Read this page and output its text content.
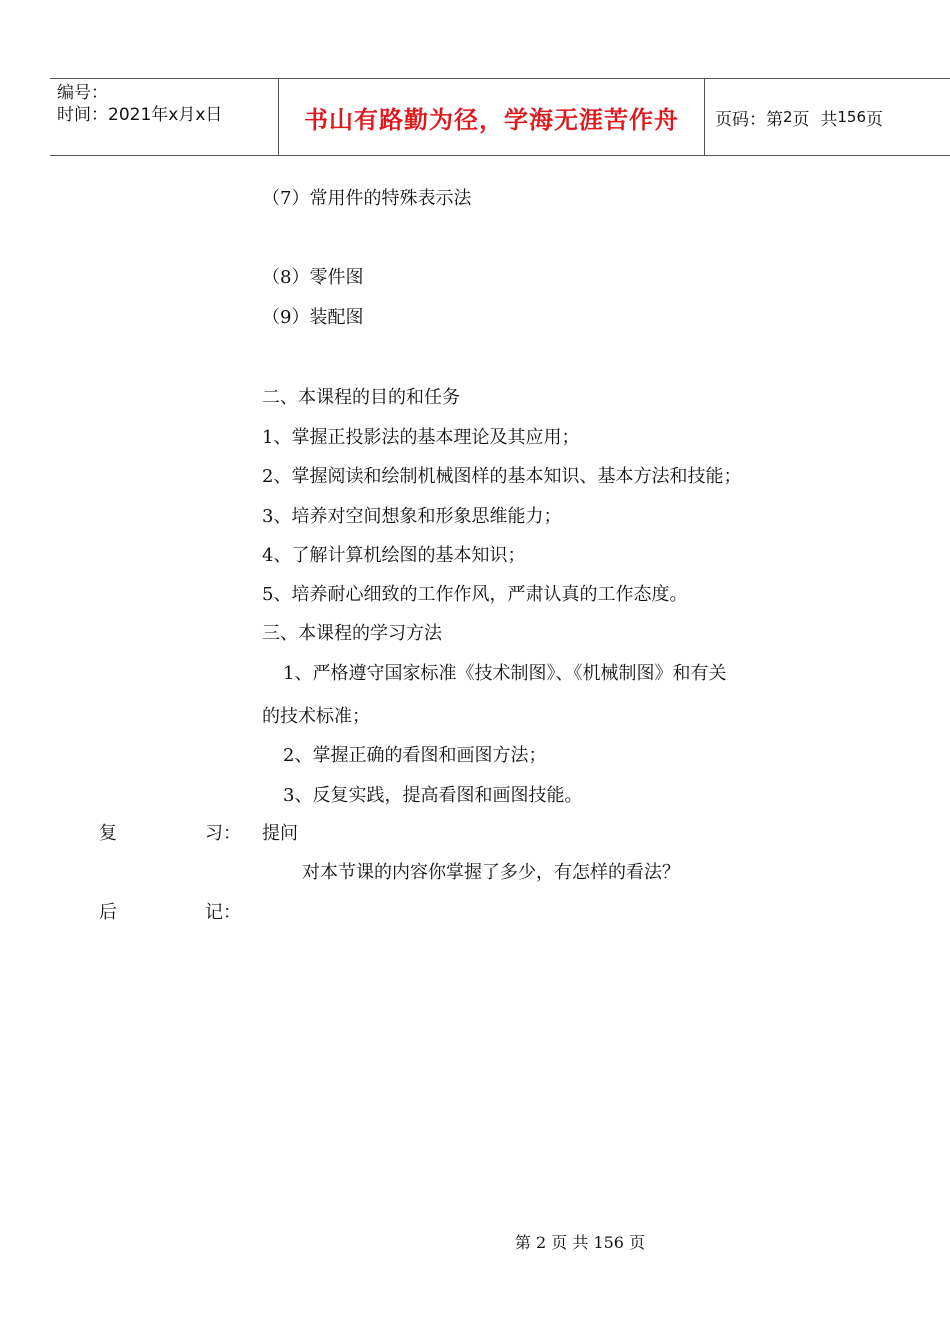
编号：
时间：2021年x月x日	书山有路勤为径，学海无涯苦作舟 页码：第 2 页  共 156 页
（7）常用件的特殊表示法
（8）零件图
（9）装配图
二、本课程的目的和任务
1、掌握正投影法的基本理论及其应用；
2、掌握阅读和绘制机械图样的基本知识、基本方法和技能；
3、培养对空间想象和形象思维能力；
4、了解计算机绘图的基本知识；
5、培养耐心细致的工作作风，严肃认真的工作态度。
三、本课程的学习方法
1、严格遵守国家标准《技术制图》、《机械制图》和有关
的技术标准；
2、掌握正确的看图和画图方法；
3、反复实践，提高看图和画图技能。
复	习： 提问
对本节课的内容你掌握了多少，有怎样的看法？
后	记：
第 2 页 共 156 页
